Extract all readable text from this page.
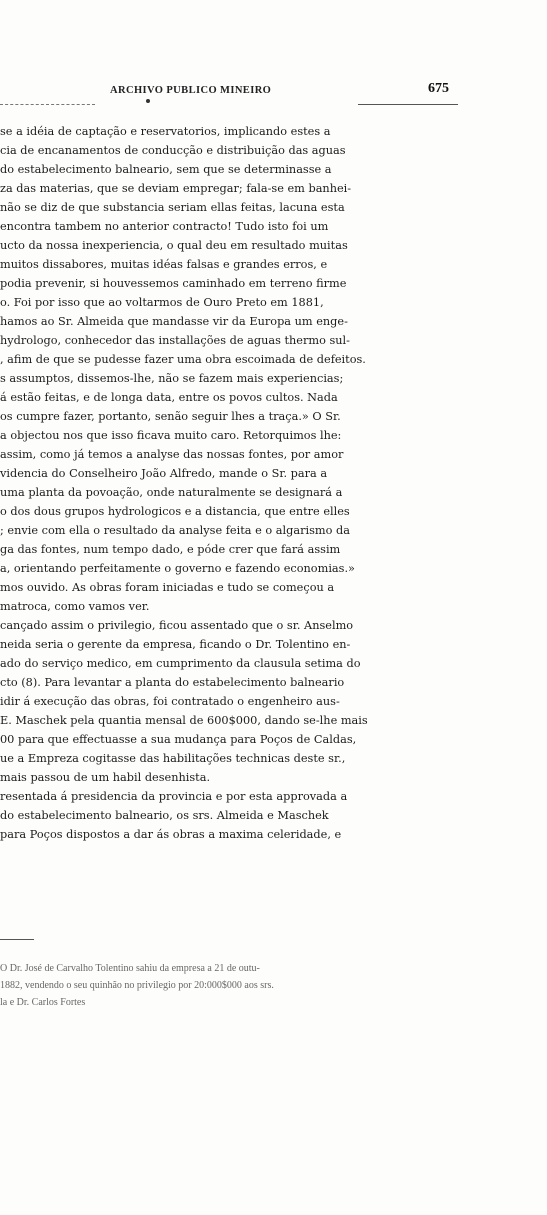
ARCHIVO PUBLICO MINEIRO	675
se a idéia de captação e reservatorios, implicando estes a
cia de encanamentos de conducção e distribuição das aguas
do estabelecimento balneario, sem que se determinasse a
za das materias, que se deviam empregar; fala-se em banhei-
não se diz de que substancia seriam ellas feitas, lacuna esta
encontra tambem no anterior contracto! Tudo isto foi um
ucto da nossa inexperiencia, o qual deu em resultado muitas
muitos dissabores, muitas idéas falsas e grandes erros, e
podia prevenir, si houvessemos caminhado em terreno firme
o. Foi por isso que ao voltarmos de Ouro Preto em 1881,
hamos ao Sr. Almeida que mandasse vir da Europa um enge-
hydrologo, conhecedor das installações de aguas thermo sul-
, afim de que se pudesse fazer uma obra escoimada de defeitos.
s assumptos, dissemos-lhe, não se fazem mais experiencias;
á estão feitas, e de longa data, entre os povos cultos. Nada
os cumpre fazer, portanto, senão seguir lhes a traça.» O Sr.
a objectou nos que isso ficava muito caro. Retorquimos lhe:
assim, como já temos a analyse das nossas fontes, por amor
videncia do Conselheiro João Alfredo, mande o Sr. para a
uma planta da povoação, onde naturalmente se designará a
o dos dous grupos hydrologicos e a distancia, que entre elles
; envie com ella o resultado da analyse feita e o algarismo da
ga das fontes, num tempo dado, e póde crer que fará assim
a, orientando perfeitamente o governo e fazendo economias.»
mos ouvido. As obras foram iniciadas e tudo se começou a
matroca, como vamos ver.
cançado assim o privilegio, ficou assentado que o sr. Anselmo
neida seria o gerente da empresa, ficando o Dr. Tolentino en-
ado do serviço medico, em cumprimento da clausula setima do
cto (8). Para levantar a planta do estabelecimento balneario
idir á execução das obras, foi contratado o engenheiro aus-
E. Maschek pela quantia mensal de 600$000, dando se-lhe mais
00 para que effectuasse a sua mudança para Poços de Caldas,
ue a Empreza cogitasse das habilitações technicas deste sr.,
mais passou de um habil desenhista.
resentada á presidencia da provincia e por esta approvada a
do estabelecimento balneario, os srs. Almeida e Maschek
para Poços dispostos a dar ás obras a maxima celeridade, e
O Dr. José de Carvalho Tolentino sahiu da empresa a 21 de outu-
1882, vendendo o seu quinhão no privilegio por 20:000$000 aos srs.
la e Dr. Carlos Fortes
